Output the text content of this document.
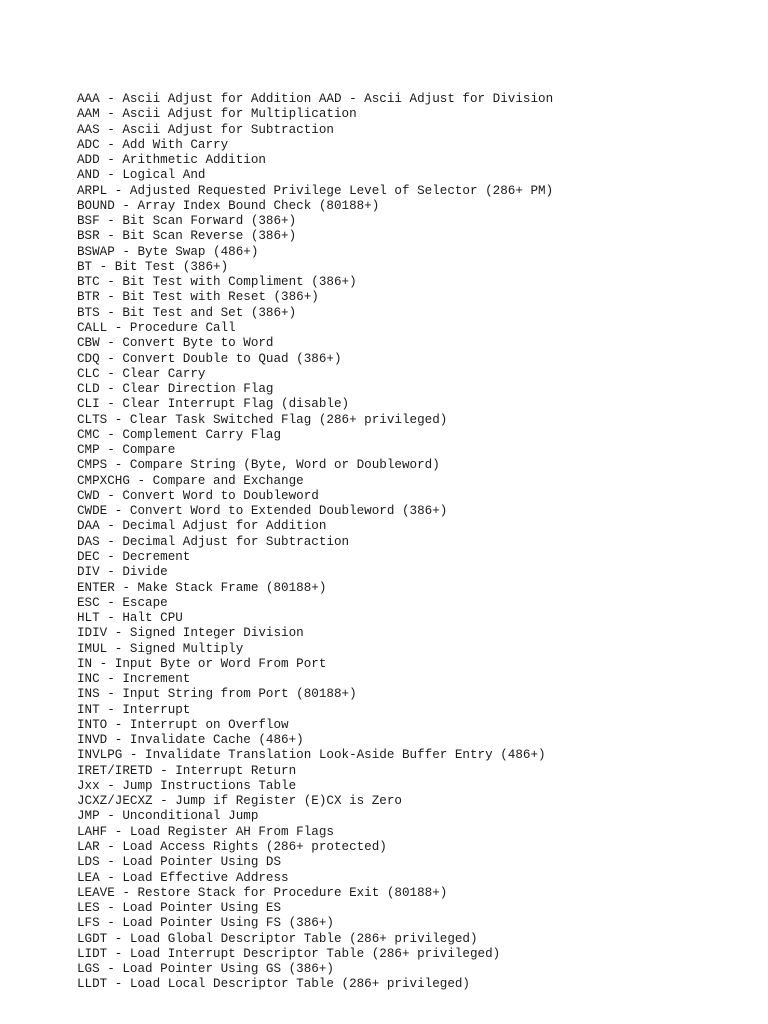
AAA - Ascii Adjust for Addition AAD - Ascii Adjust for Division
AAM - Ascii Adjust for Multiplication
AAS - Ascii Adjust for Subtraction
ADC - Add With Carry
ADD - Arithmetic Addition
AND - Logical And
ARPL - Adjusted Requested Privilege Level of Selector (286+ PM)
BOUND - Array Index Bound Check (80188+)
BSF - Bit Scan Forward (386+)
BSR - Bit Scan Reverse (386+)
BSWAP - Byte Swap (486+)
BT - Bit Test (386+)
BTC - Bit Test with Compliment (386+)
BTR - Bit Test with Reset (386+)
BTS - Bit Test and Set (386+)
CALL - Procedure Call
CBW - Convert Byte to Word
CDQ - Convert Double to Quad (386+)
CLC - Clear Carry
CLD - Clear Direction Flag
CLI - Clear Interrupt Flag (disable)
CLTS - Clear Task Switched Flag (286+ privileged)
CMC - Complement Carry Flag
CMP - Compare
CMPS - Compare String (Byte, Word or Doubleword)
CMPXCHG - Compare and Exchange
CWD - Convert Word to Doubleword
CWDE - Convert Word to Extended Doubleword (386+)
DAA - Decimal Adjust for Addition
DAS - Decimal Adjust for Subtraction
DEC - Decrement
DIV - Divide
ENTER - Make Stack Frame (80188+)
ESC - Escape
HLT - Halt CPU
IDIV - Signed Integer Division
IMUL - Signed Multiply
IN - Input Byte or Word From Port
INC - Increment
INS - Input String from Port (80188+)
INT - Interrupt
INTO - Interrupt on Overflow
INVD - Invalidate Cache (486+)
INVLPG - Invalidate Translation Look-Aside Buffer Entry (486+)
IRET/IRETD - Interrupt Return
Jxx - Jump Instructions Table
JCXZ/JECXZ - Jump if Register (E)CX is Zero
JMP - Unconditional Jump
LAHF - Load Register AH From Flags
LAR - Load Access Rights (286+ protected)
LDS - Load Pointer Using DS
LEA - Load Effective Address
LEAVE - Restore Stack for Procedure Exit (80188+)
LES - Load Pointer Using ES
LFS - Load Pointer Using FS (386+)
LGDT - Load Global Descriptor Table (286+ privileged)
LIDT - Load Interrupt Descriptor Table (286+ privileged)
LGS - Load Pointer Using GS (386+)
LLDT - Load Local Descriptor Table (286+ privileged)
